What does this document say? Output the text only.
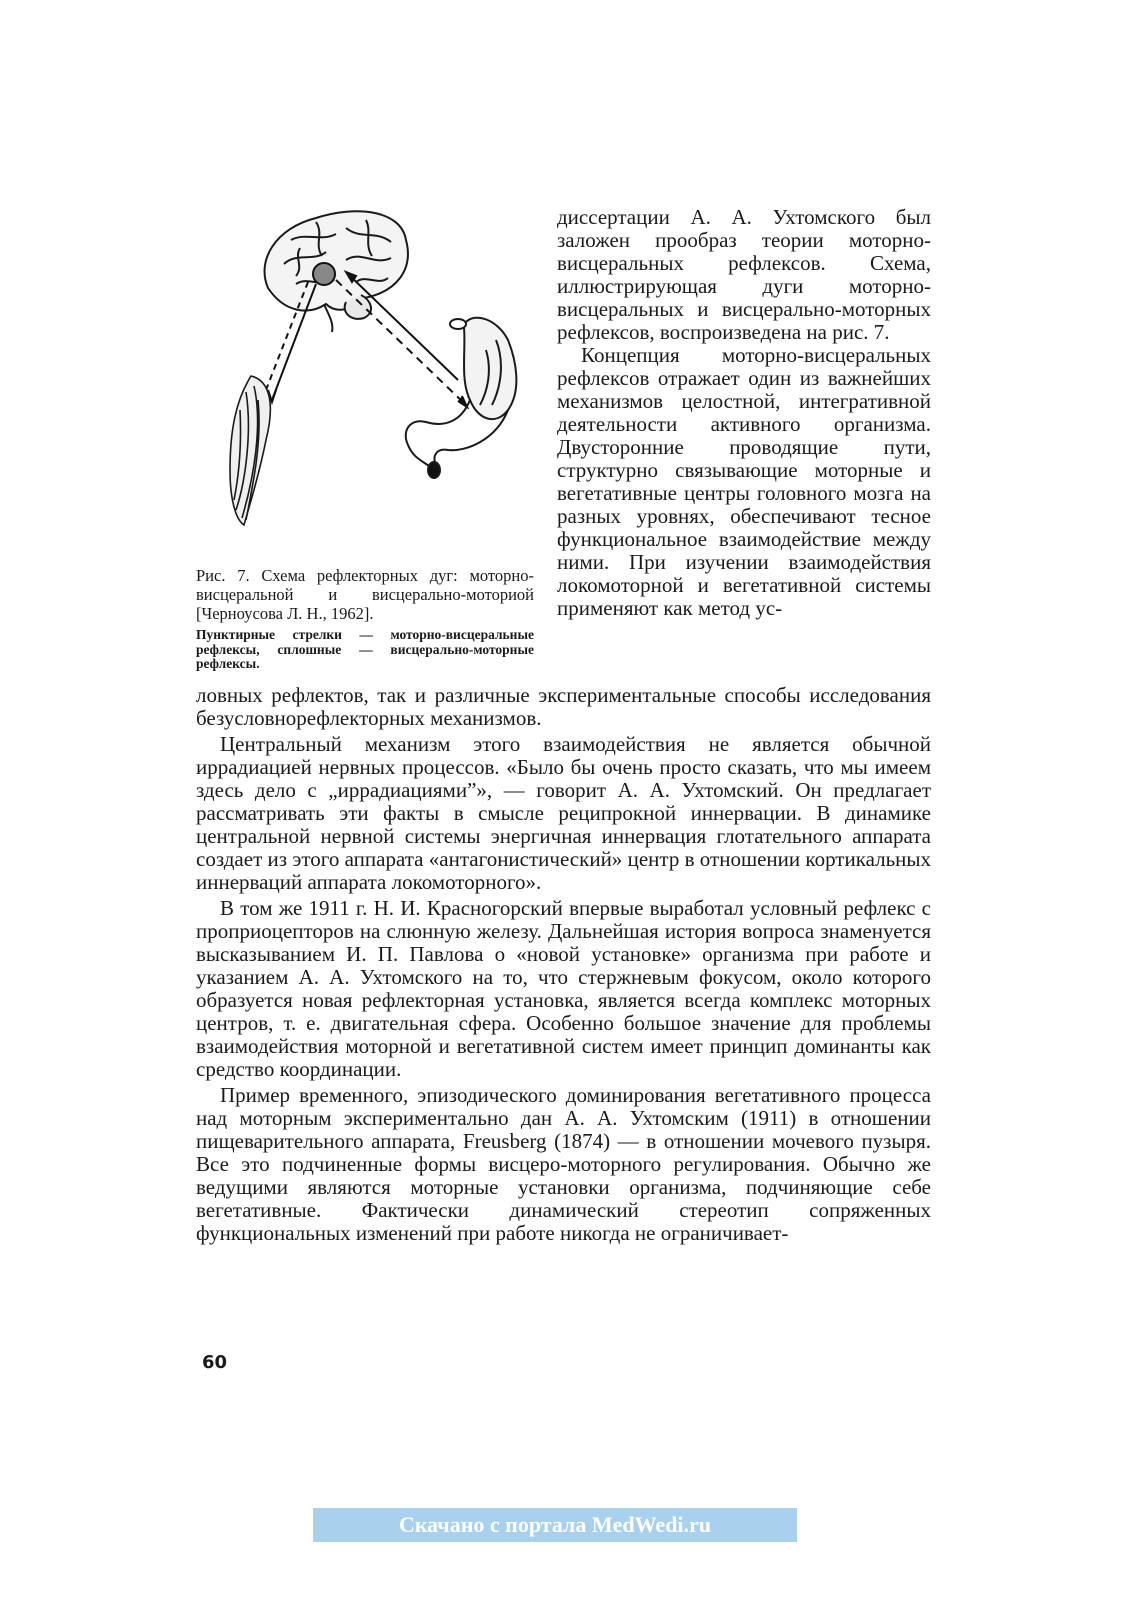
Рис. 7. Схема рефлекторных дуг: моторно-висцеральной и висцерально-моториой [Черноусова Л. Н., 1962].

Пунктирные стрелки — моторно-висцеральные рефлексы, сплошные — висцерально-моторные рефлексы.

диссертации А. А. Ухтомского был заложен прообраз теории моторно-висцеральных рефлексов. Схема, иллюстрирующая дуги моторно-висцеральных и висцерально-моторных рефлексов, воспроизведена на рис. 7.

Концепция моторно-висцеральных рефлексов отражает один из важнейших механизмов целостной, интегративной деятельности активного организма. Двусторонние проводящие пути, структурно связывающие моторные и вегетативные центры головного мозга на разных уровнях, обеспечивают тесное функциональное взаимодействие между ними. При изучении взаимодействия локомоторной и вегетативной системы применяют как метод ус-

ловных рефлектов, так и различные экспериментальные способы исследования безусловнорефлекторных механизмов.

Центральный механизм этого взаимодействия не является обычной иррадиацией нервных процессов. «Было бы очень просто сказать, что мы имеем здесь дело с „иррадиациями”», — говорит А. А. Ухтомский. Он предлагает рассматривать эти факты в смысле реципрокной иннервации. В динамике центральной нервной системы энергичная иннервация глотательного аппарата создает из этого аппарата «антагонистический» центр в отношении кортикальных иннерваций аппарата локомоторного».

В том же 1911 г. Н. И. Красногорский впервые выработал условный рефлекс с проприоцепторов на слюнную железу. Дальнейшая история вопроса знаменуется высказыванием И. П. Павлова о «новой установке» организма при работе и указанием А. А. Ухтомского на то, что стержневым фокусом, около которого образуется новая рефлекторная установка, является всегда комплекс моторных центров, т. е. двигательная сфера. Особенно большое значение для проблемы взаимодействия моторной и вегетативной систем имеет принцип доминанты как средство координации.

Пример временного, эпизодического доминирования вегетативного процесса над моторным экспериментально дан А. А. Ухтомским (1911) в отношении пищеварительного аппарата, Freusberg (1874) — в отношении мочевого пузыря. Все это подчиненные формы висцеро-моторного регулирования. Обычно же ведущими являются моторные установки организма, подчиняющие себе вегетативные. Фактически динамический стереотип сопряженных функциональных изменений при работе никогда не ограничивает-

60
Скачано с портала MedWedi.ru
